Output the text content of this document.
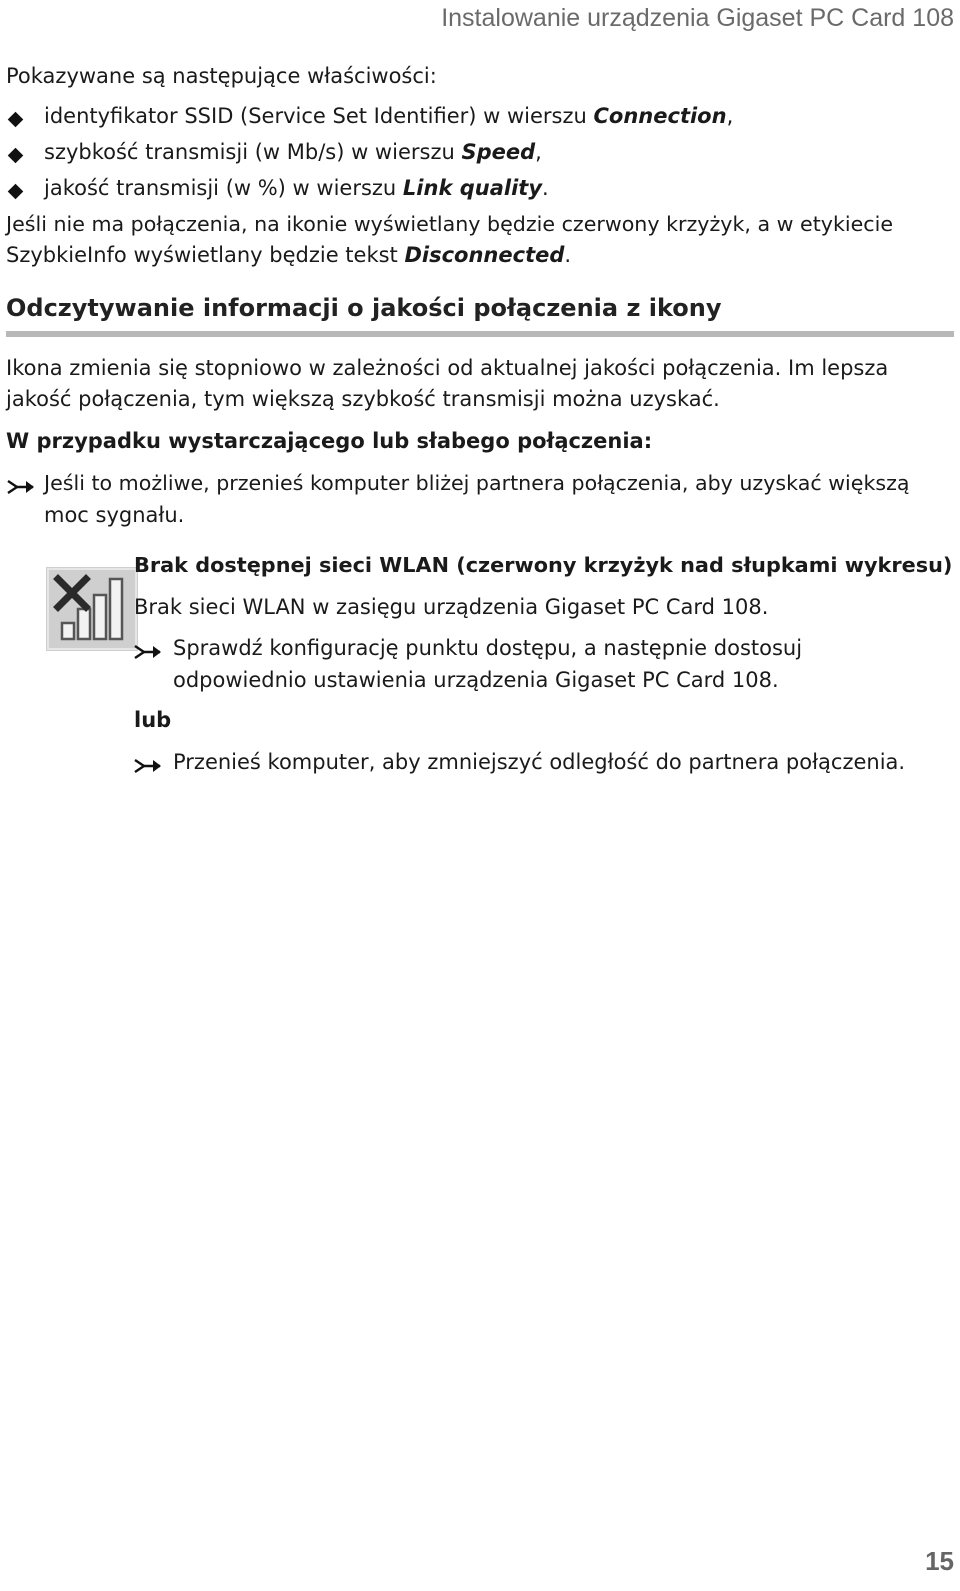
Instalowanie urządzenia Gigaset PC Card 108
Pokazywane są następujące właściwości:
identyfikator SSID (Service Set Identifier) w wierszu Connection,
szybkość transmisji (w Mb/s) w wierszu Speed,
jakość transmisji (w %) w wierszu Link quality.
Jeśli nie ma połączenia, na ikonie wyświetlany będzie czerwony krzyżyk, a w etykiecie
SzybkieInfo wyświetlany będzie tekst Disconnected.
Odczytywanie informacji o jakości połączenia z ikony
Ikona zmienia się stopniowo w zależności od aktualnej jakości połączenia. Im lepsza
jakość połączenia, tym większą szybkość transmisji można uzyskać.
W przypadku wystarczającego lub słabego połączenia:
Jeśli to możliwe, przenieś komputer bliżej partnera połączenia, aby uzyskać większą
moc sygnału.
Brak dostępnej sieci WLAN (czerwony krzyżyk nad słupkami wykresu)
Brak sieci WLAN w zasięgu urządzenia Gigaset PC Card 108.
Sprawdź konfigurację punktu dostępu, a następnie dostosuj
odpowiednio ustawienia urządzenia Gigaset PC Card 108.
lub
Przenieś komputer, aby zmniejszyć odległość do partnera połączenia.
15
